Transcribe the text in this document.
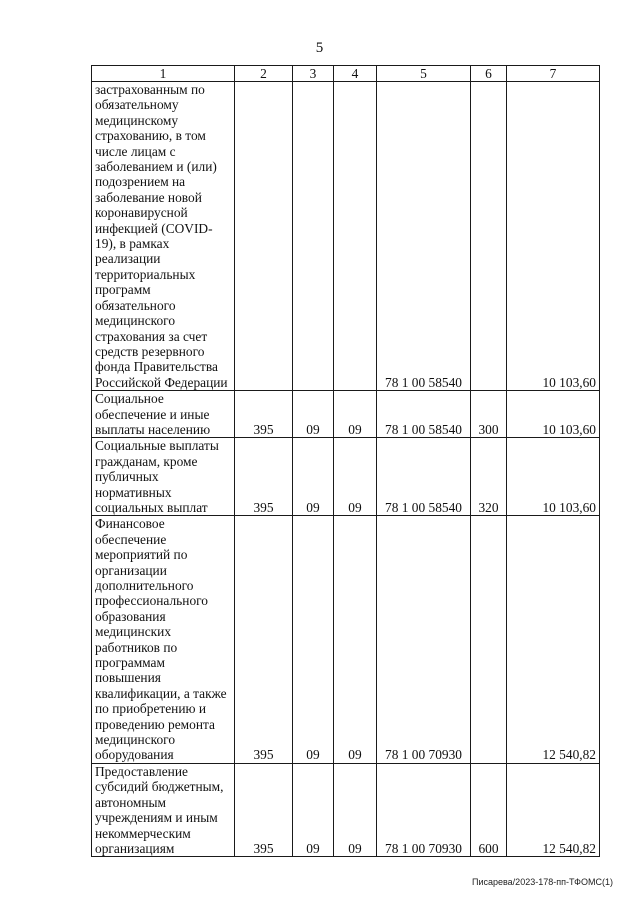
5
1	2	3	4	5	6	7
застрахованным по обязательному медицинскому страхованию, в том числе лицам с заболеванием и (или) подозрением на заболевание новой коронавирусной инфекцией (COVID-19), в рамках реализации территориальных программ обязательного медицинского страхования за счет средств резервного фонда Правительства Российской Федерации				78 1 00 58540		10 103,60
Социальное обеспечение и иные выплаты населению	395	09	09	78 1 00 58540	300	10 103,60
Социальные выплаты гражданам, кроме публичных нормативных социальных выплат	395	09	09	78 1 00 58540	320	10 103,60
Финансовое обеспечение мероприятий по организации дополнительного профессионального образования медицинских работников по программам повышения квалификации, а также по приобретению и проведению ремонта медицинского оборудования	395	09	09	78 1 00 70930		12 540,82
Предоставление субсидий бюджетным, автономным учреждениям и иным некоммерческим организациям	395	09	09	78 1 00 70930	600	12 540,82
Писарева/2023-178-пп-ТФОМС(1)
